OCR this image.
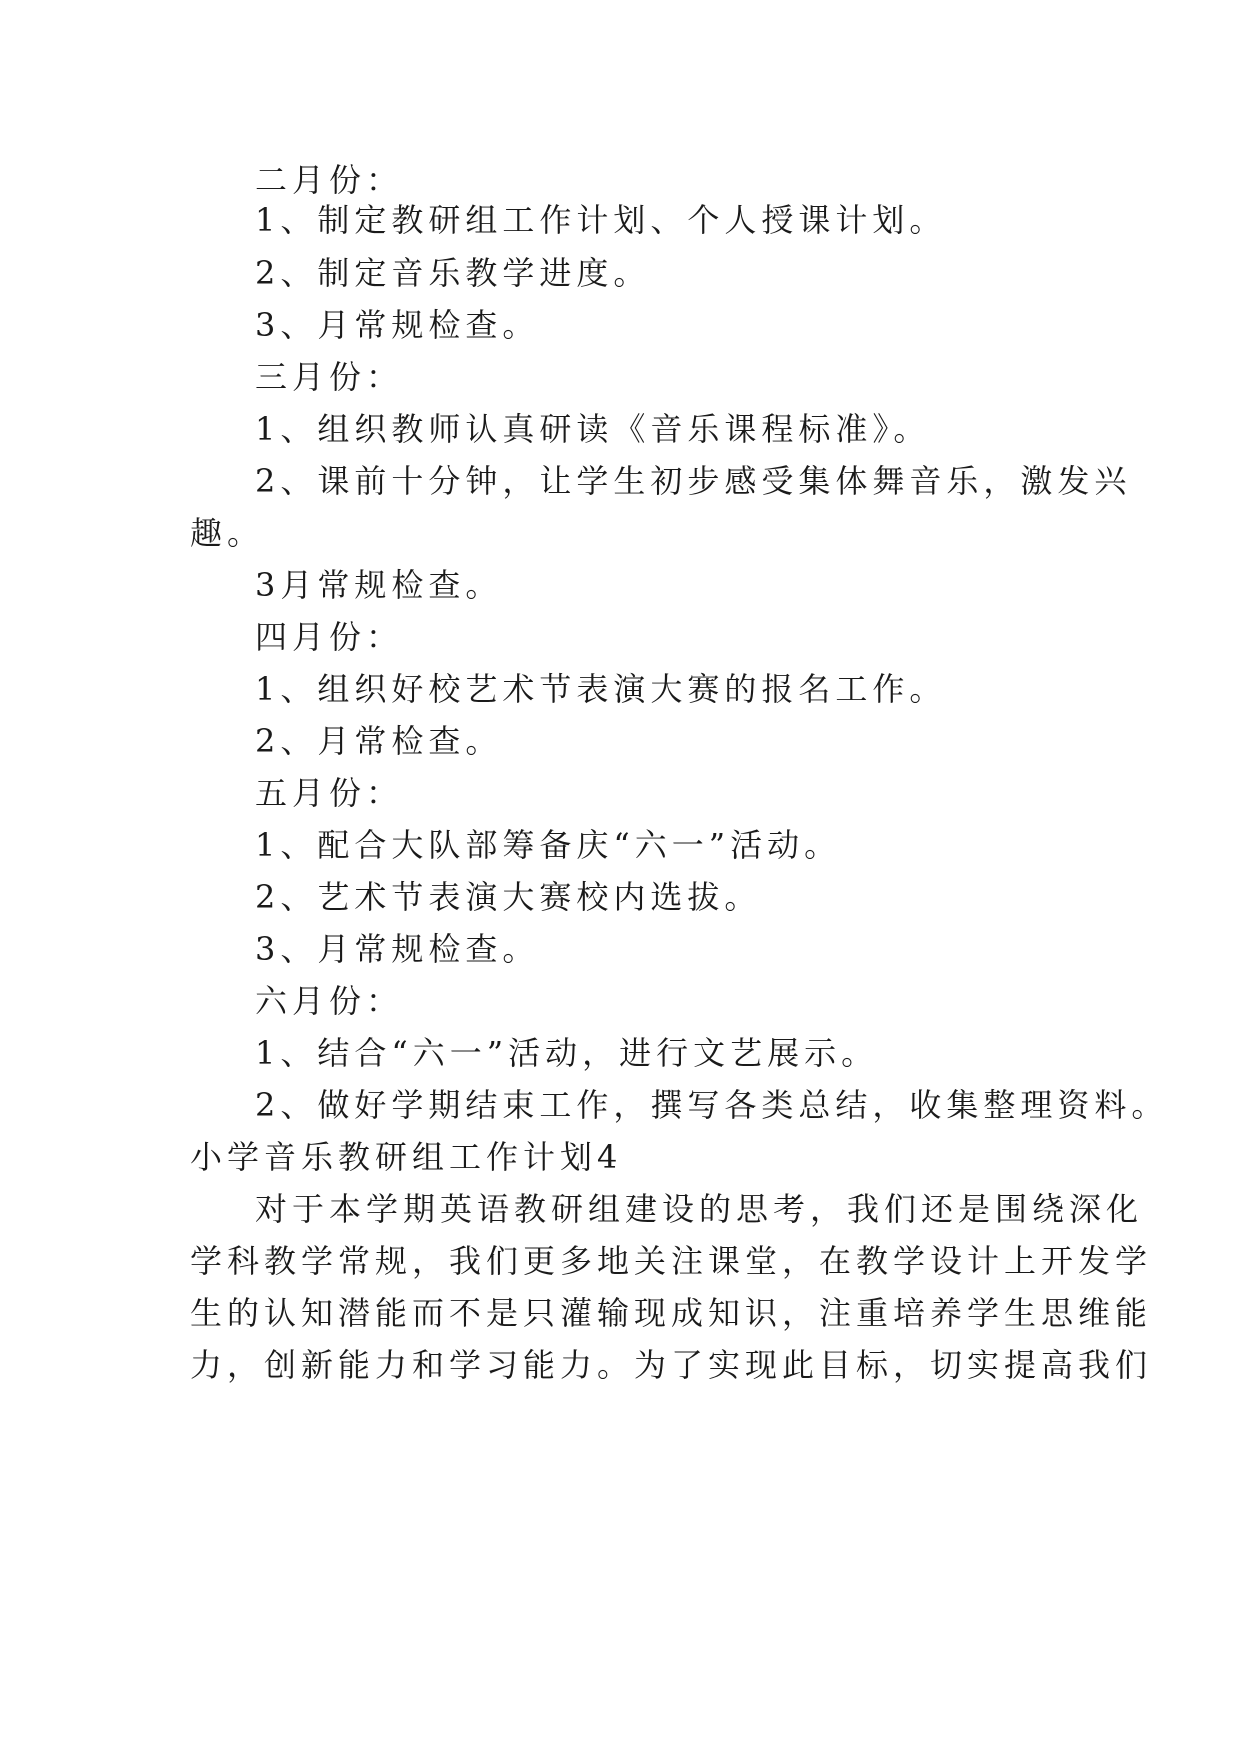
二月份：
1、制定教研组工作计划、个人授课计划。
2、制定音乐教学进度。
3、月常规检查。
三月份：
1、组织教师认真研读《音乐课程标准》。
2、课前十分钟，让学生初步感受集体舞音乐，激发兴
趣。
3月常规检查。
四月份：
1、组织好校艺术节表演大赛的报名工作。
2、月常检查。
五月份：
1、配合大队部筹备庆“六一”活动。
2、艺术节表演大赛校内选拔。
3、月常规检查。
六月份：
1、结合“六一”活动，进行文艺展示。
2、做好学期结束工作，撰写各类总结，收集整理资料。
小学音乐教研组工作计划4
对于本学期英语教研组建设的思考，我们还是围绕深化
学科教学常规，我们更多地关注课堂，在教学设计上开发学
生的认知潜能而不是只灌输现成知识，注重培养学生思维能
力，创新能力和学习能力。为了实现此目标，切实提高我们
